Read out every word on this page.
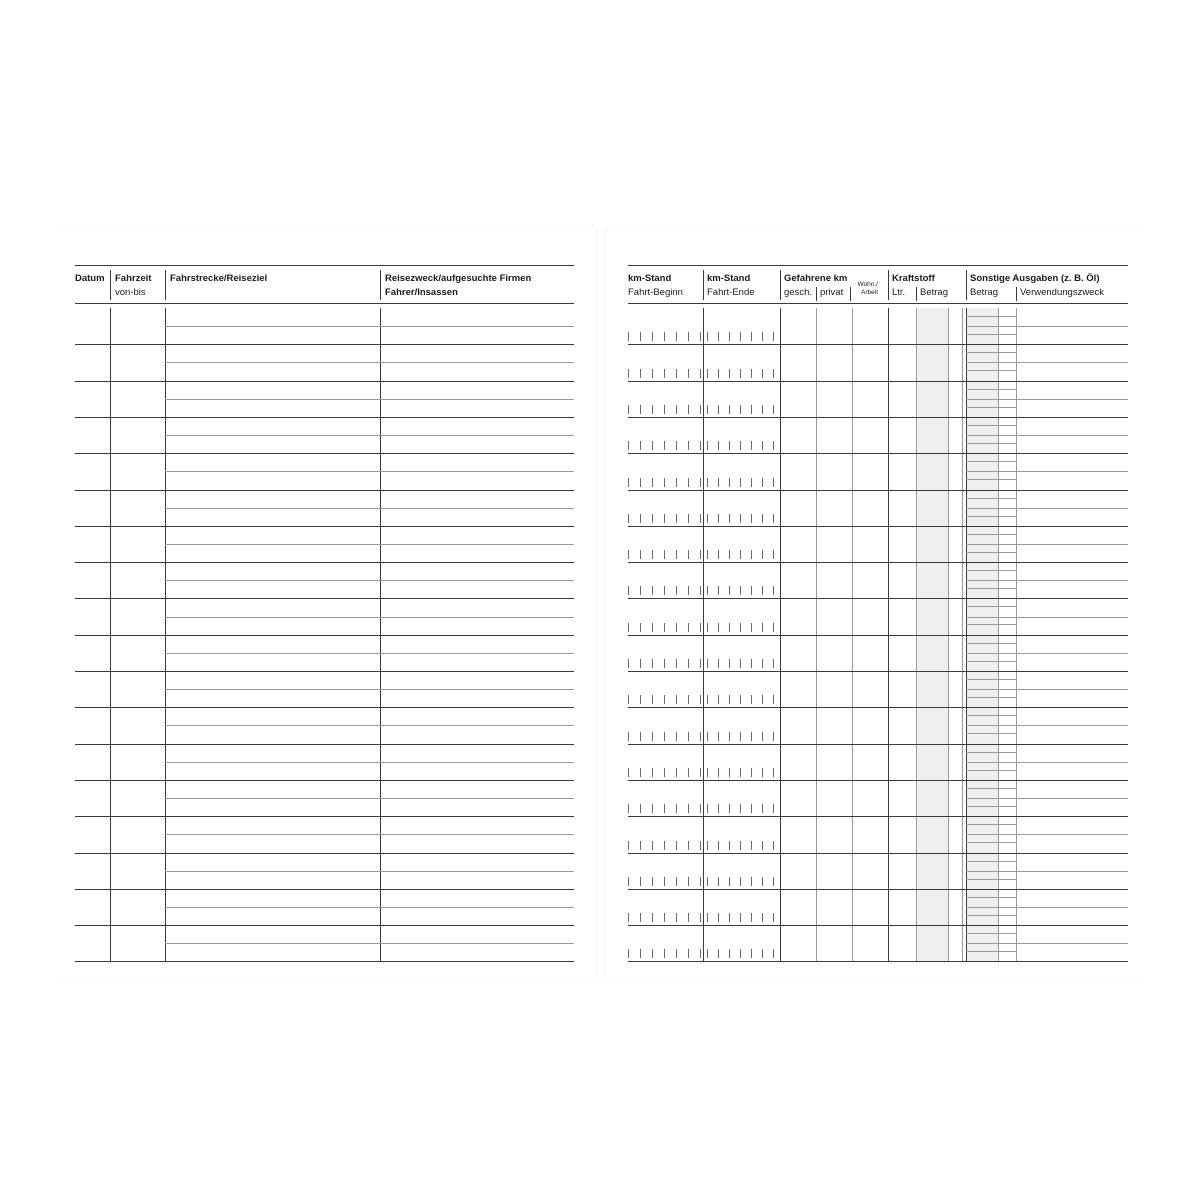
Datum Fahrzeit
von-bis
Fahrstrecke/Reiseziel	Reisezweck/aufgesuchte Firmen
Fahrer/Insassen
km-Stand
Fahrt-Beginn
km-Stand
Fahrt-Ende
Gefahrene km
gesch. privat
Wohn./
Arbeit
Kraftstoff
Ltr. Betrag
Sonstige Ausgaben (z. B. Öl)
Betrag Verwendungszweck
